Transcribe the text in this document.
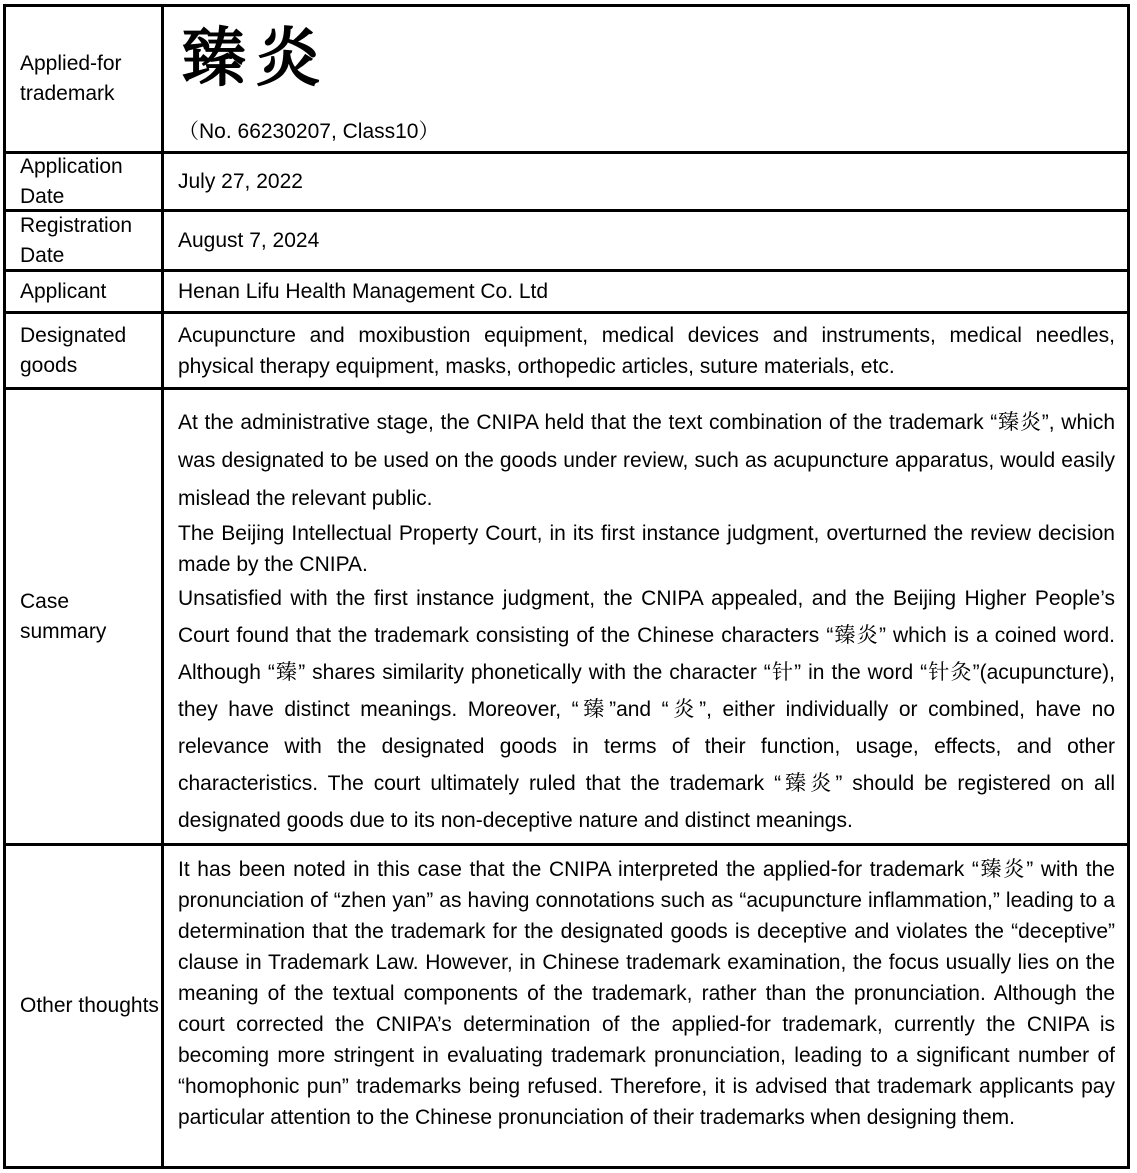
Applied-for trademark	臻炎
（No. 66230207, Class10）
Application Date
July 27, 2022
Registration Date
August 7, 2024
Applicant	Henan Lifu Health Management Co. Ltd
Designated goods

Acupuncture and moxibustion equipment, medical devices and instruments, medical needles, physical therapy equipment, masks, orthopedic articles, suture materials, etc.

Case summary

At the administrative stage, the CNIPA held that the text combination of the trademark “臻炎”, which was designated to be used on the goods under review, such as acupuncture apparatus, would easily mislead the relevant public.

The Beijing Intellectual Property Court, in its first instance judgment, overturned the review decision made by the CNIPA.

Unsatisfied with the first instance judgment, the CNIPA appealed, and the Beijing Higher People’s Court found that the trademark consisting of the Chinese characters “臻炎” which is a coined word. Although “臻” shares similarity phonetically with the character “针” in the word “针灸”(acupuncture), they have distinct meanings. Moreover, “臻”and “炎”, either individually or combined, have no relevance with the designated goods in terms of their function, usage, effects, and other characteristics. The court ultimately ruled that the trademark “臻炎” should be registered on all designated goods due to its non-deceptive nature and distinct meanings.

Other thoughts

It has been noted in this case that the CNIPA interpreted the applied-for trademark “臻炎” with the pronunciation of “zhen yan” as having connotations such as “acupuncture inflammation,” leading to a determination that the trademark for the designated goods is deceptive and violates the “deceptive” clause in Trademark Law. However, in Chinese trademark examination, the focus usually lies on the meaning of the textual components of the trademark, rather than the pronunciation. Although the court corrected the CNIPA’s determination of the applied-for trademark, currently the CNIPA is becoming more stringent in evaluating trademark pronunciation, leading to a significant number of “homophonic pun” trademarks being refused. Therefore, it is advised that trademark applicants pay particular attention to the Chinese pronunciation of their trademarks when designing them.
